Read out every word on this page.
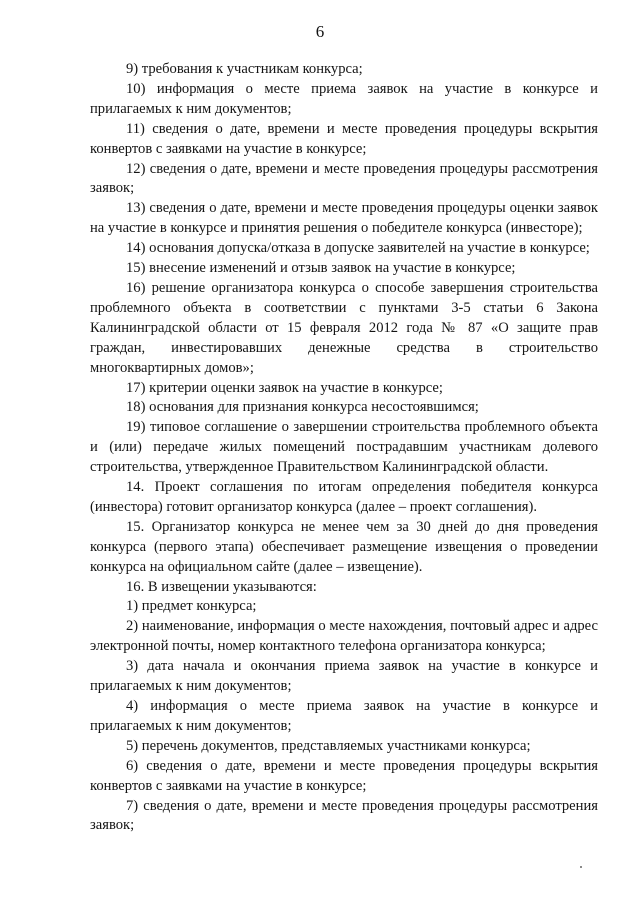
6

9) требования к участникам конкурса;

10) информация о месте приема заявок на участие в конкурсе и прилагаемых к ним документов;

11) сведения о дате, времени и месте проведения процедуры вскрытия конвертов с заявками на участие в конкурсе;

12) сведения о дате, времени и месте проведения процедуры рассмотрения заявок;

13) сведения о дате, времени и месте проведения процедуры оценки заявок на участие в конкурсе и принятия решения о победителе конкурса (инвесторе);

14) основания допуска/отказа в допуске заявителей на участие в конкурсе;

15) внесение изменений и отзыв заявок на участие в конкурсе;

16) решение организатора конкурса о способе завершения строительства проблемного объекта в соответствии с пунктами 3-5 статьи 6 Закона Калининградской области от 15 февраля 2012 года № 87 «О защите прав граждан, инвестировавших денежные средства в строительство многоквартирных домов»;

17) критерии оценки заявок на участие в конкурсе;

18) основания для признания конкурса несостоявшимся;

19) типовое соглашение о завершении строительства проблемного объекта и (или) передаче жилых помещений пострадавшим участникам долевого строительства, утвержденное Правительством Калининградской области.

14. Проект соглашения по итогам определения победителя конкурса (инвестора) готовит организатор конкурса (далее – проект соглашения).

15. Организатор конкурса не менее чем за 30 дней до дня проведения конкурса (первого этапа) обеспечивает размещение извещения о проведении конкурса на официальном сайте (далее – извещение).

16. В извещении указываются:

1) предмет конкурса;

2) наименование, информация о месте нахождения, почтовый адрес и адрес электронной почты, номер контактного телефона организатора конкурса;

3) дата начала и окончания приема заявок на участие в конкурсе и прилагаемых к ним документов;

4) информация о месте приема заявок на участие в конкурсе и прилагаемых к ним документов;

5) перечень документов, представляемых участниками конкурса;

6) сведения о дате, времени и месте проведения процедуры вскрытия конвертов с заявками на участие в конкурсе;

7) сведения о дате, времени и месте проведения процедуры рассмотрения заявок;
